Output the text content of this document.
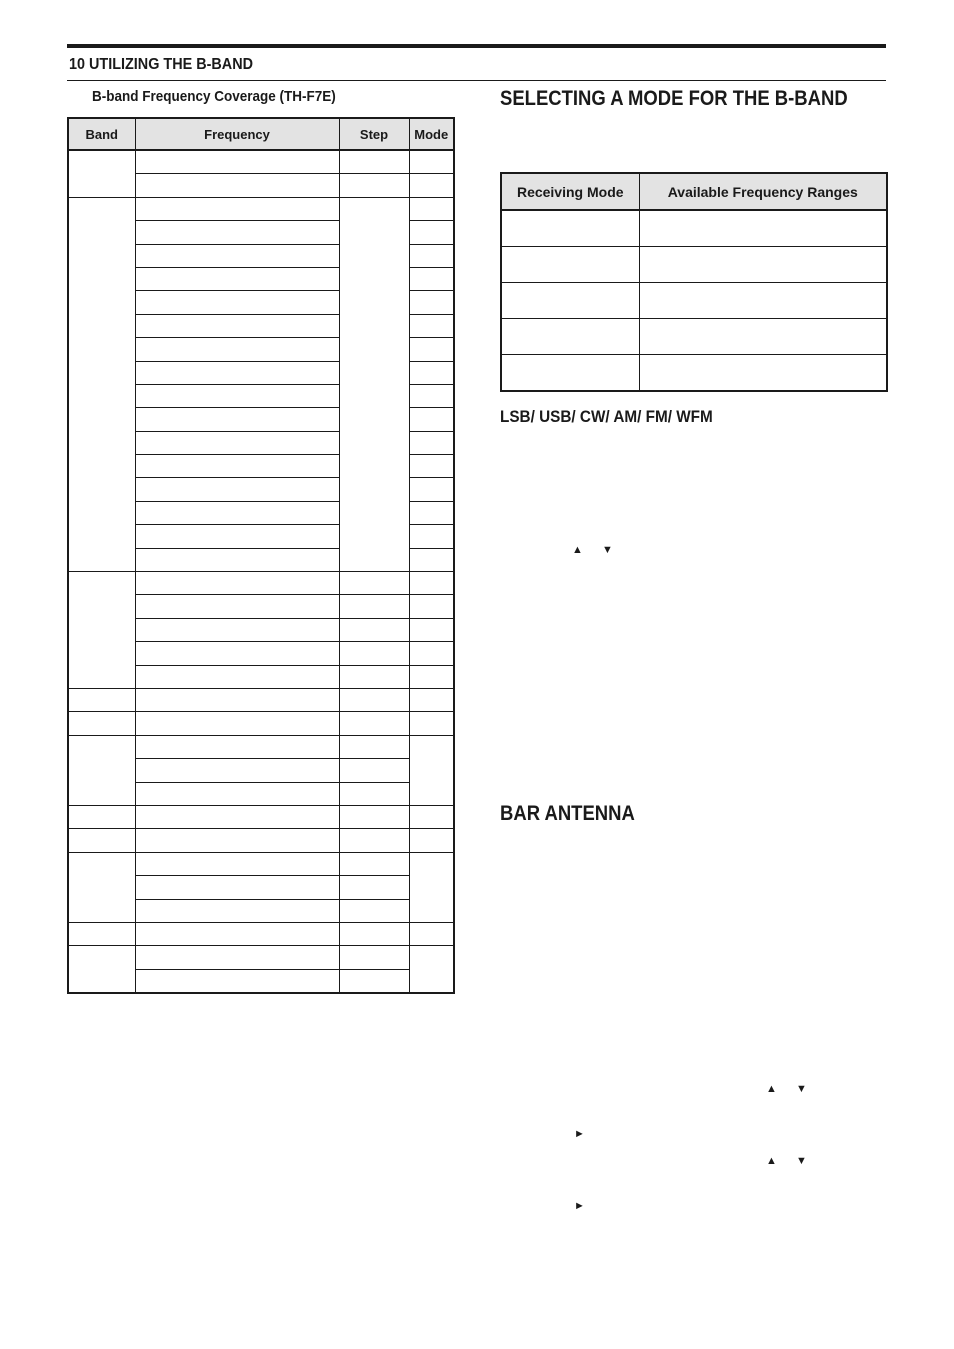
10 UTILIZING THE B-BAND
B-band Frequency Coverage (TH-F7E)
Band	Frequency	Step	Mode

SELECTING A MODE FOR THE B-BAND
Receiving Mode	Available Frequency Ranges

LSB/ USB/ CW/ AM/ FM/ WFM
▲ ▼
BAR ANTENNA
▲ ▼
►
▲ ▼
►
